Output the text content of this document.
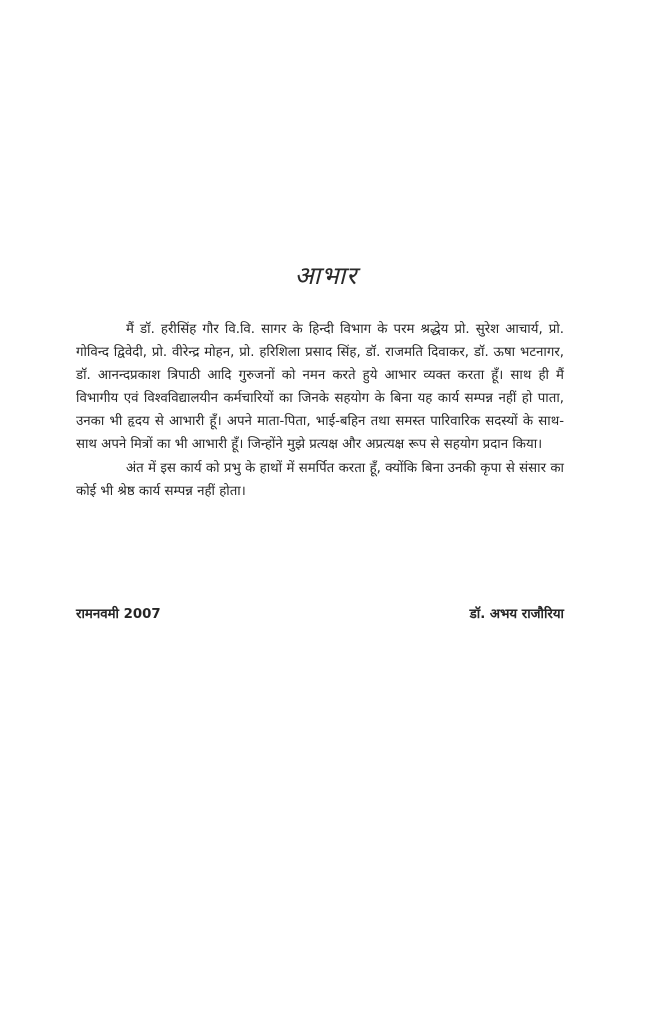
आभार

मैं डॉ. हरीसिंह गौर वि.वि. सागर के हिन्दी विभाग के परम श्रद्धेय प्रो. सुरेश आचार्य, प्रो. गोविन्द द्विवेदी, प्रो. वीरेन्द्र मोहन, प्रो. हरिशिला प्रसाद सिंह, डॉ. राजमति दिवाकर, डॉ. ऊषा भटनागर, डॉ. आनन्दप्रकाश त्रिपाठी आदि गुरुजनों को नमन करते हुये आभार व्यक्त करता हूँ। साथ ही मैं विभागीय एवं विश्वविद्यालयीन कर्मचारियों का जिनके सहयोग के बिना यह कार्य सम्पन्न नहीं हो पाता, उनका भी हृदय से आभारी हूँ। अपने माता-पिता, भाई-बहिन तथा समस्त पारिवारिक सदस्यों के साथ-साथ अपने मित्रों का भी आभारी हूँ। जिन्होंने मुझे प्रत्यक्ष और अप्रत्यक्ष रूप से सहयोग प्रदान किया।

अंत में इस कार्य को प्रभु के हाथों में समर्पित करता हूँ, क्योंकि बिना उनकी कृपा से संसार का कोई भी श्रेष्ठ कार्य सम्पन्न नहीं होता।

रामनवमी 2007	डॉ. अभय राजौरिया
